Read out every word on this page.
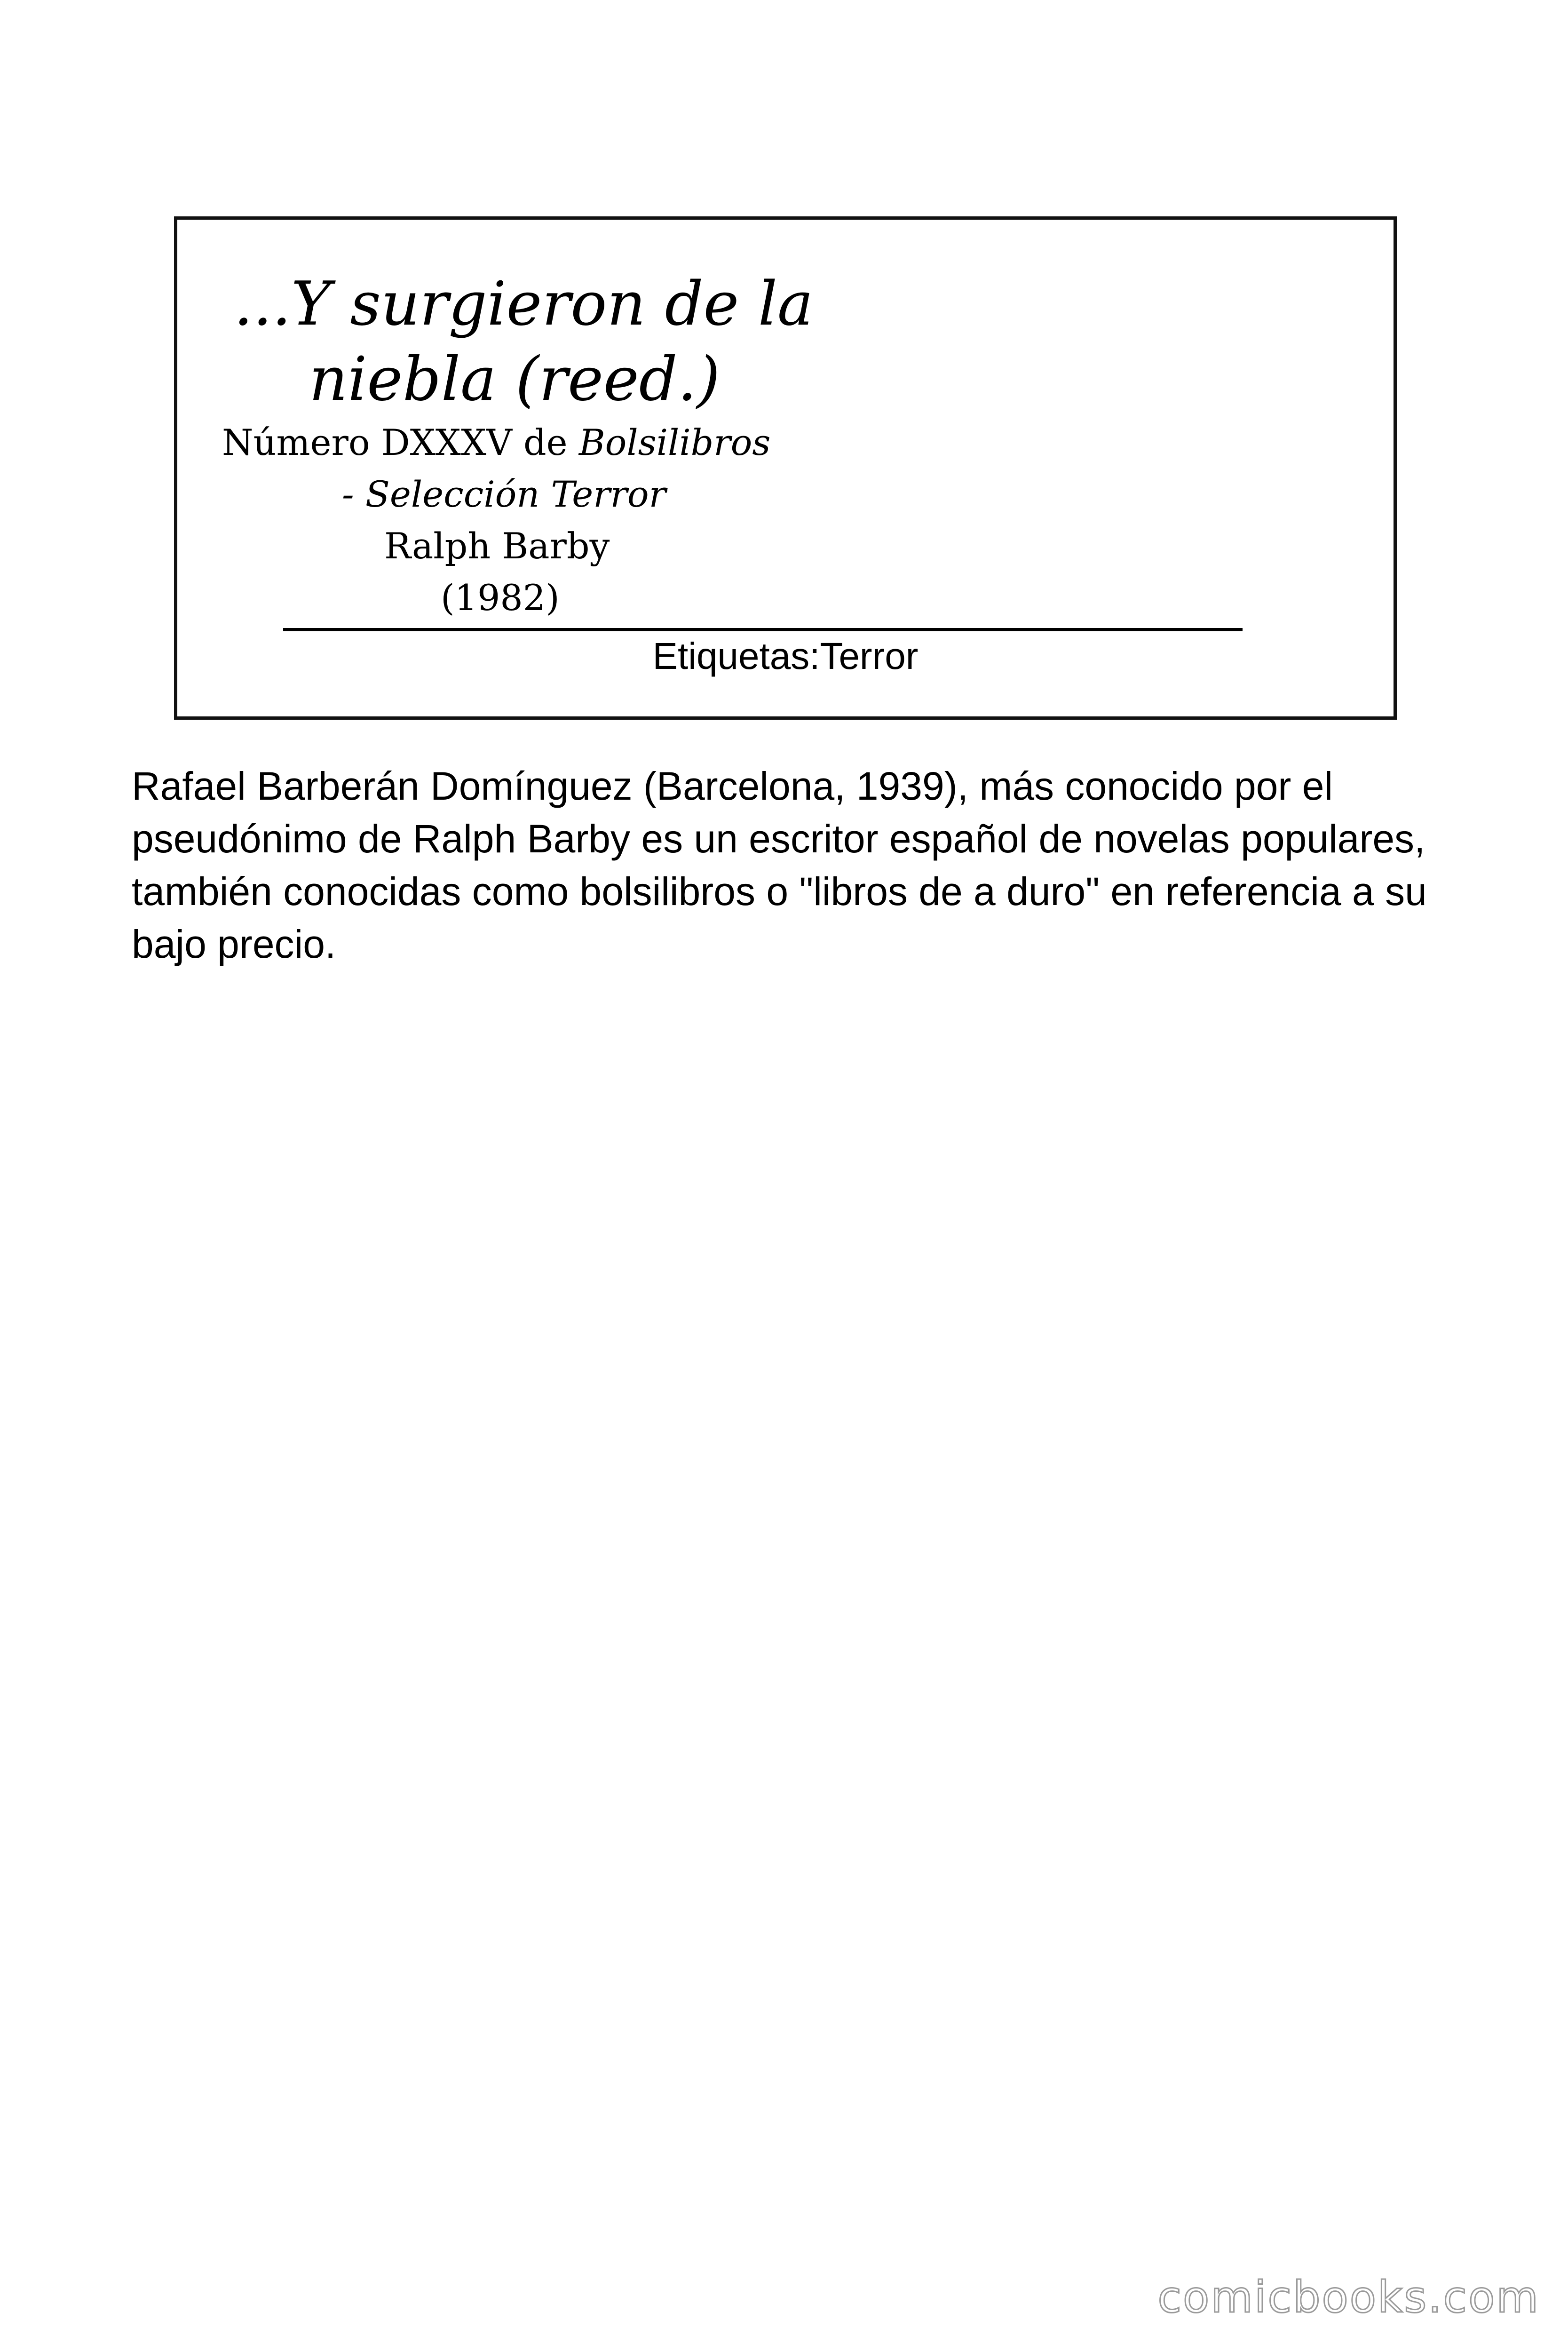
...Y surgieron de la
niebla (reed.)
Número DXXXV de Bolsilibros
- Selección Terror
Ralph Barby
(1982)
Etiquetas:Terror
Rafael Barberán Domínguez (Barcelona, 1939), más conocido por el pseudónimo de Ralph Barby es un escritor español de novelas populares, también conocidas como bolsilibros o "libros de a duro" en referencia a su bajo precio.
comicbooks.com
